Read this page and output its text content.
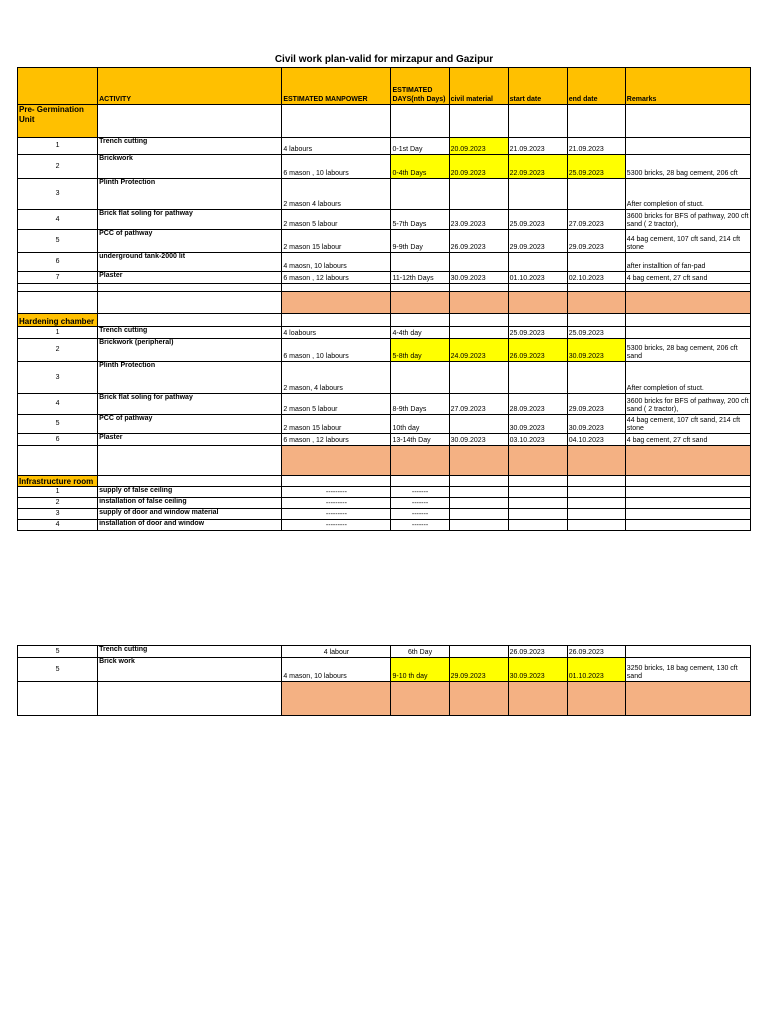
Civil work plan-valid for mirzapur and Gazipur
	ACTIVITY	ESTIMATED MANPOWER	ESTIMATED DAYS(nth Days)	civil material	start date	end date	Remarks
Pre- Germination Unit							
1	Trench cutting	4 labours	0-1st Day	20.09.2023	21.09.2023	21.09.2023	
2	Brickwork	6 mason , 10 labours	0-4th Days	20.09.2023	22.09.2023	25.09.2023	5300 bricks, 28 bag cement, 206 cft
3	Plinth Protection	2 mason 4 labours					After completion of stuct.
4	Brick flat soling for pathway	2 mason 5 labour	5-7th Days	23.09.2023	25.09.2023	27.09.2023	3600 bricks for BFS of pathway, 200 cft sand ( 2 tractor),
5	PCC of pathway	2 mason 15 labour	9-9th Day	26.09.2023	29.09.2023	29.09.2023	44 bag cement, 107 cft sand, 214 cft stone
6	underground tank-2000 lit	4 maosn, 10 labours					after installtion of fan-pad
7	Plaster	6 mason , 12 labours	11-12th Days	30.09.2023	01.10.2023	02.10.2023	4 bag cement, 27 cft sand

Hardening chamber							
1	Trench cutting	4 loabours	4-4th day		25.09.2023	25.09.2023	
2	Brickwork (peripheral)	6 mason , 10 labours	5-8th day	24.09.2023	26.09.2023	30.09.2023	5300 bricks, 28 bag cement, 206 cft sand
3	Plinth Protection	2 mason, 4 labours					After completion of stuct.
4	Brick flat soling for pathway	2 mason 5 labour	8-9th Days	27.09.2023	28.09.2023	29.09.2023	3600 bricks for BFS of pathway, 200 cft sand ( 2 tractor),
5	PCC of pathway	2 mason 15 labour	10th day		30.09.2023	30.09.2023	44 bag cement, 107 cft sand, 214 cft stone
6	Plaster	6 mason , 12 labours	13-14th Day	30.09.2023	03.10.2023	04.10.2023	4 bag cement, 27 cft sand

Infrastructure room							
1	supply of false ceiling	---------	-------				
2	installation of false ceiling	---------	-------				
3	supply of door and window material	---------	-------				
4	installation of door and window	---------	-------				
5	Trench cutting	4 labour	6th Day		26.09.2023	26.09.2023	
5	Brick work	4 mason, 10 labours	9-10 th day	29.09.2023	30.09.2023	01.10.2023	3250 bricks, 18 bag cement, 130 cft sand
